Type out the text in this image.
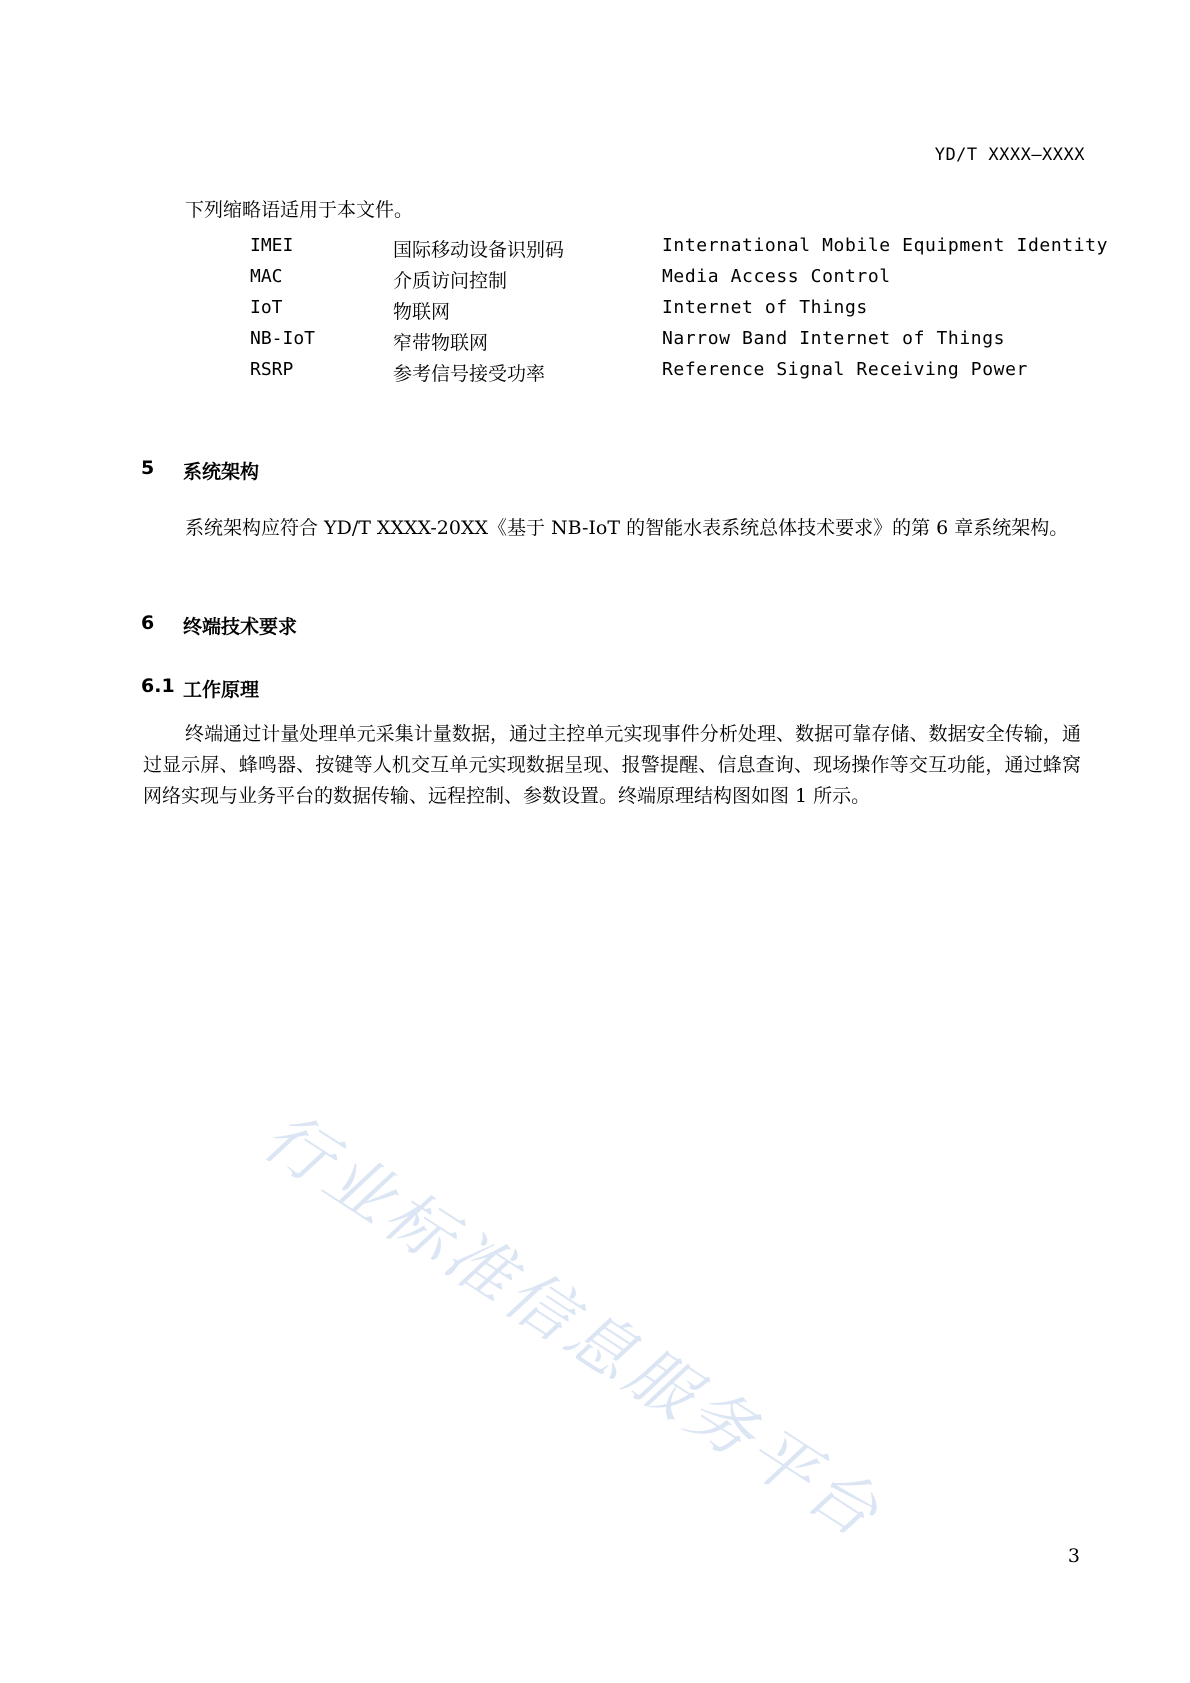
YD/T XXXX—XXXX
下列缩略语适用于本文件。
IMEI	国际移动设备识别码	International Mobile Equipment Identity
MAC	介质访问控制	Media Access Control
IoT	物联网	Internet of Things
NB-IoT	窄带物联网	Narrow Band Internet of Things
RSRP	参考信号接受功率	Reference Signal Receiving Power
5 系统架构
系统架构应符合 YD/T XXXX-20XX《基于 NB-IoT 的智能水表系统总体技术要求》的第 6 章系统架构。
6 终端技术要求
6.1 工作原理
终端通过计量处理单元采集计量数据，通过主控单元实现事件分析处理、数据可靠存储、数据安全传输，通过显示屏、蜂鸣器、按键等人机交互单元实现数据呈现、报警提醒、信息查询、现场操作等交互功能，通过蜂窝网络实现与业务平台的数据传输、远程控制、参数设置。终端原理结构图如图 1 所示。
行业标准信息服务平台
3
